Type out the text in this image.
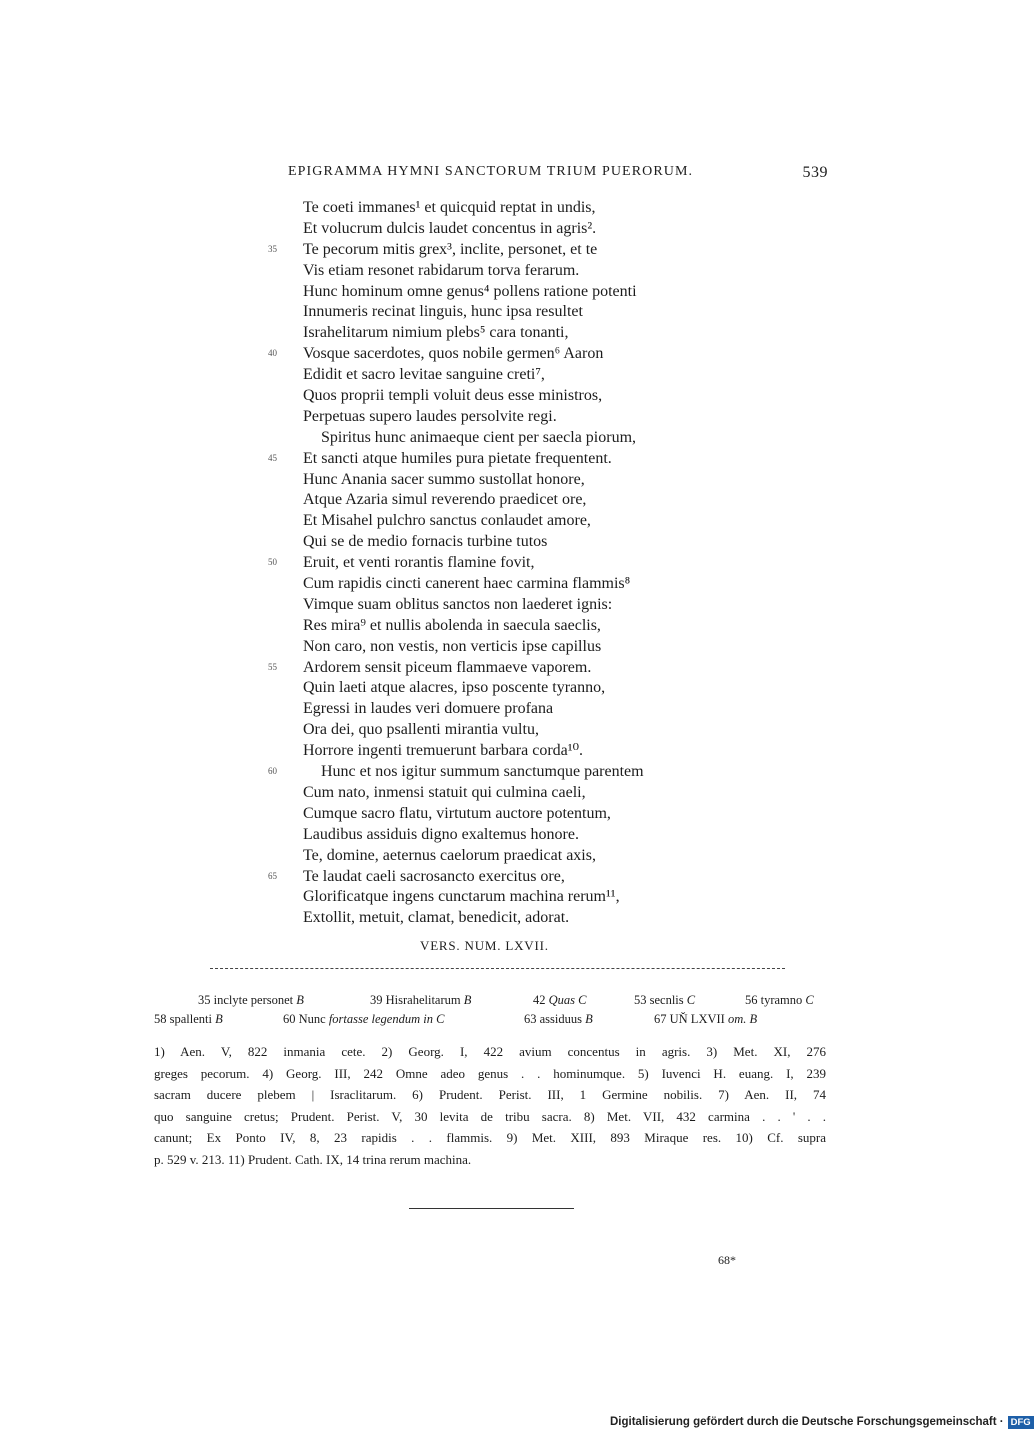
EPIGRAMMA HYMNI SANCTORUM TRIUM PUERORUM.	539
Te coeti immanes¹ et quicquid reptat in undis,
Et volucrum dulcis laudet concentus in agris².
35 Te pecorum mitis grex³, inclite, personet, et te
Vis etiam resonet rabidarum torva ferarum.
Hunc hominum omne genus⁴ pollens ratione potenti
Innumeris recinat linguis, hunc ipsa resultet
Israhelitarum nimium plebs⁵ cara tonanti,
40 Vosque sacerdotes, quos nobile germen⁶ Aaron
Edidit et sacro levitae sanguine creti⁷,
Quos proprii templi voluit deus esse ministros,
Perpetuas supero laudes persolvite regi.
Spiritus hunc animaeque cient per saecla piorum,
45 Et sancti atque humiles pura pietate frequentent.
Hunc Anania sacer summo sustollat honore,
Atque Azaria simul reverendo praedicet ore,
Et Misahel pulchro sanctus conlaudet amore,
Qui se de medio fornacis turbine tutos
50 Eruit, et venti rorantis flamine fovit,
Cum rapidis cincti canerent haec carmina flammis⁸
Vimque suam oblitus sanctos non laederet ignis:
Res mira⁹ et nullis abolenda in saecula saeclis,
Non caro, non vestis, non verticis ipse capillus
55 Ardorem sensit piceum flammaeve vaporem.
Quin laeti atque alacres, ipso poscente tyranno,
Egressi in laudes veri domuere profana
Ora dei, quo psallenti mirantia vultu,
Horrore ingenti tremuerunt barbara corda¹⁰.
60	Hunc et nos igitur summum sanctumque parentem
Cum nato, inmensi statuit qui culmina caeli,
Cumque sacro flatu, virtutum auctore potentum,
Laudibus assiduis digno exaltemus honore.
Te, domine, aeternus caelorum praedicat axis,
65 Te laudat caeli sacrosancto exercitus ore,
Glorificatque ingens cunctarum machina rerum¹¹,
Extollit, metuit, clamat, benedicit, adorat.
VERS. NUM. LXVII.
35 inclyte personet B	39 Hisrahelitarum B	42 Quas C	53 secnlis C	56 tyramno C
58 spallenti B	60 Nunc fortasse legendum in C	63 assiduus B	67 UŇ LXVII om. B
1) Aen. V, 822 inmania cete. 2) Georg. I, 422 avium concentus in agris. 3) Met. XI, 276
greges pecorum. 4) Georg. III, 242 Omne adeo genus . . hominumque. 5) Iuvenci H. euang. I, 239
sacram ducere plebem | Israclitarum. 6) Prudent. Perist. III, 1 Germine nobilis. 7) Aen. II, 74
quo sanguine cretus; Prudent. Perist. V, 30 levita de tribu sacra. 8) Met. VII, 432 carmina . . ' . .
canunt; Ex Ponto IV, 8, 23 rapidis . . flammis. 9) Met. XIII, 893 Miraque res. 10) Cf. supra
p. 529 v. 213. 11) Prudent. Cath. IX, 14 trina rerum machina.
68*
Digitalisierung gefördert durch die Deutsche Forschungsgemeinschaft · DFG
